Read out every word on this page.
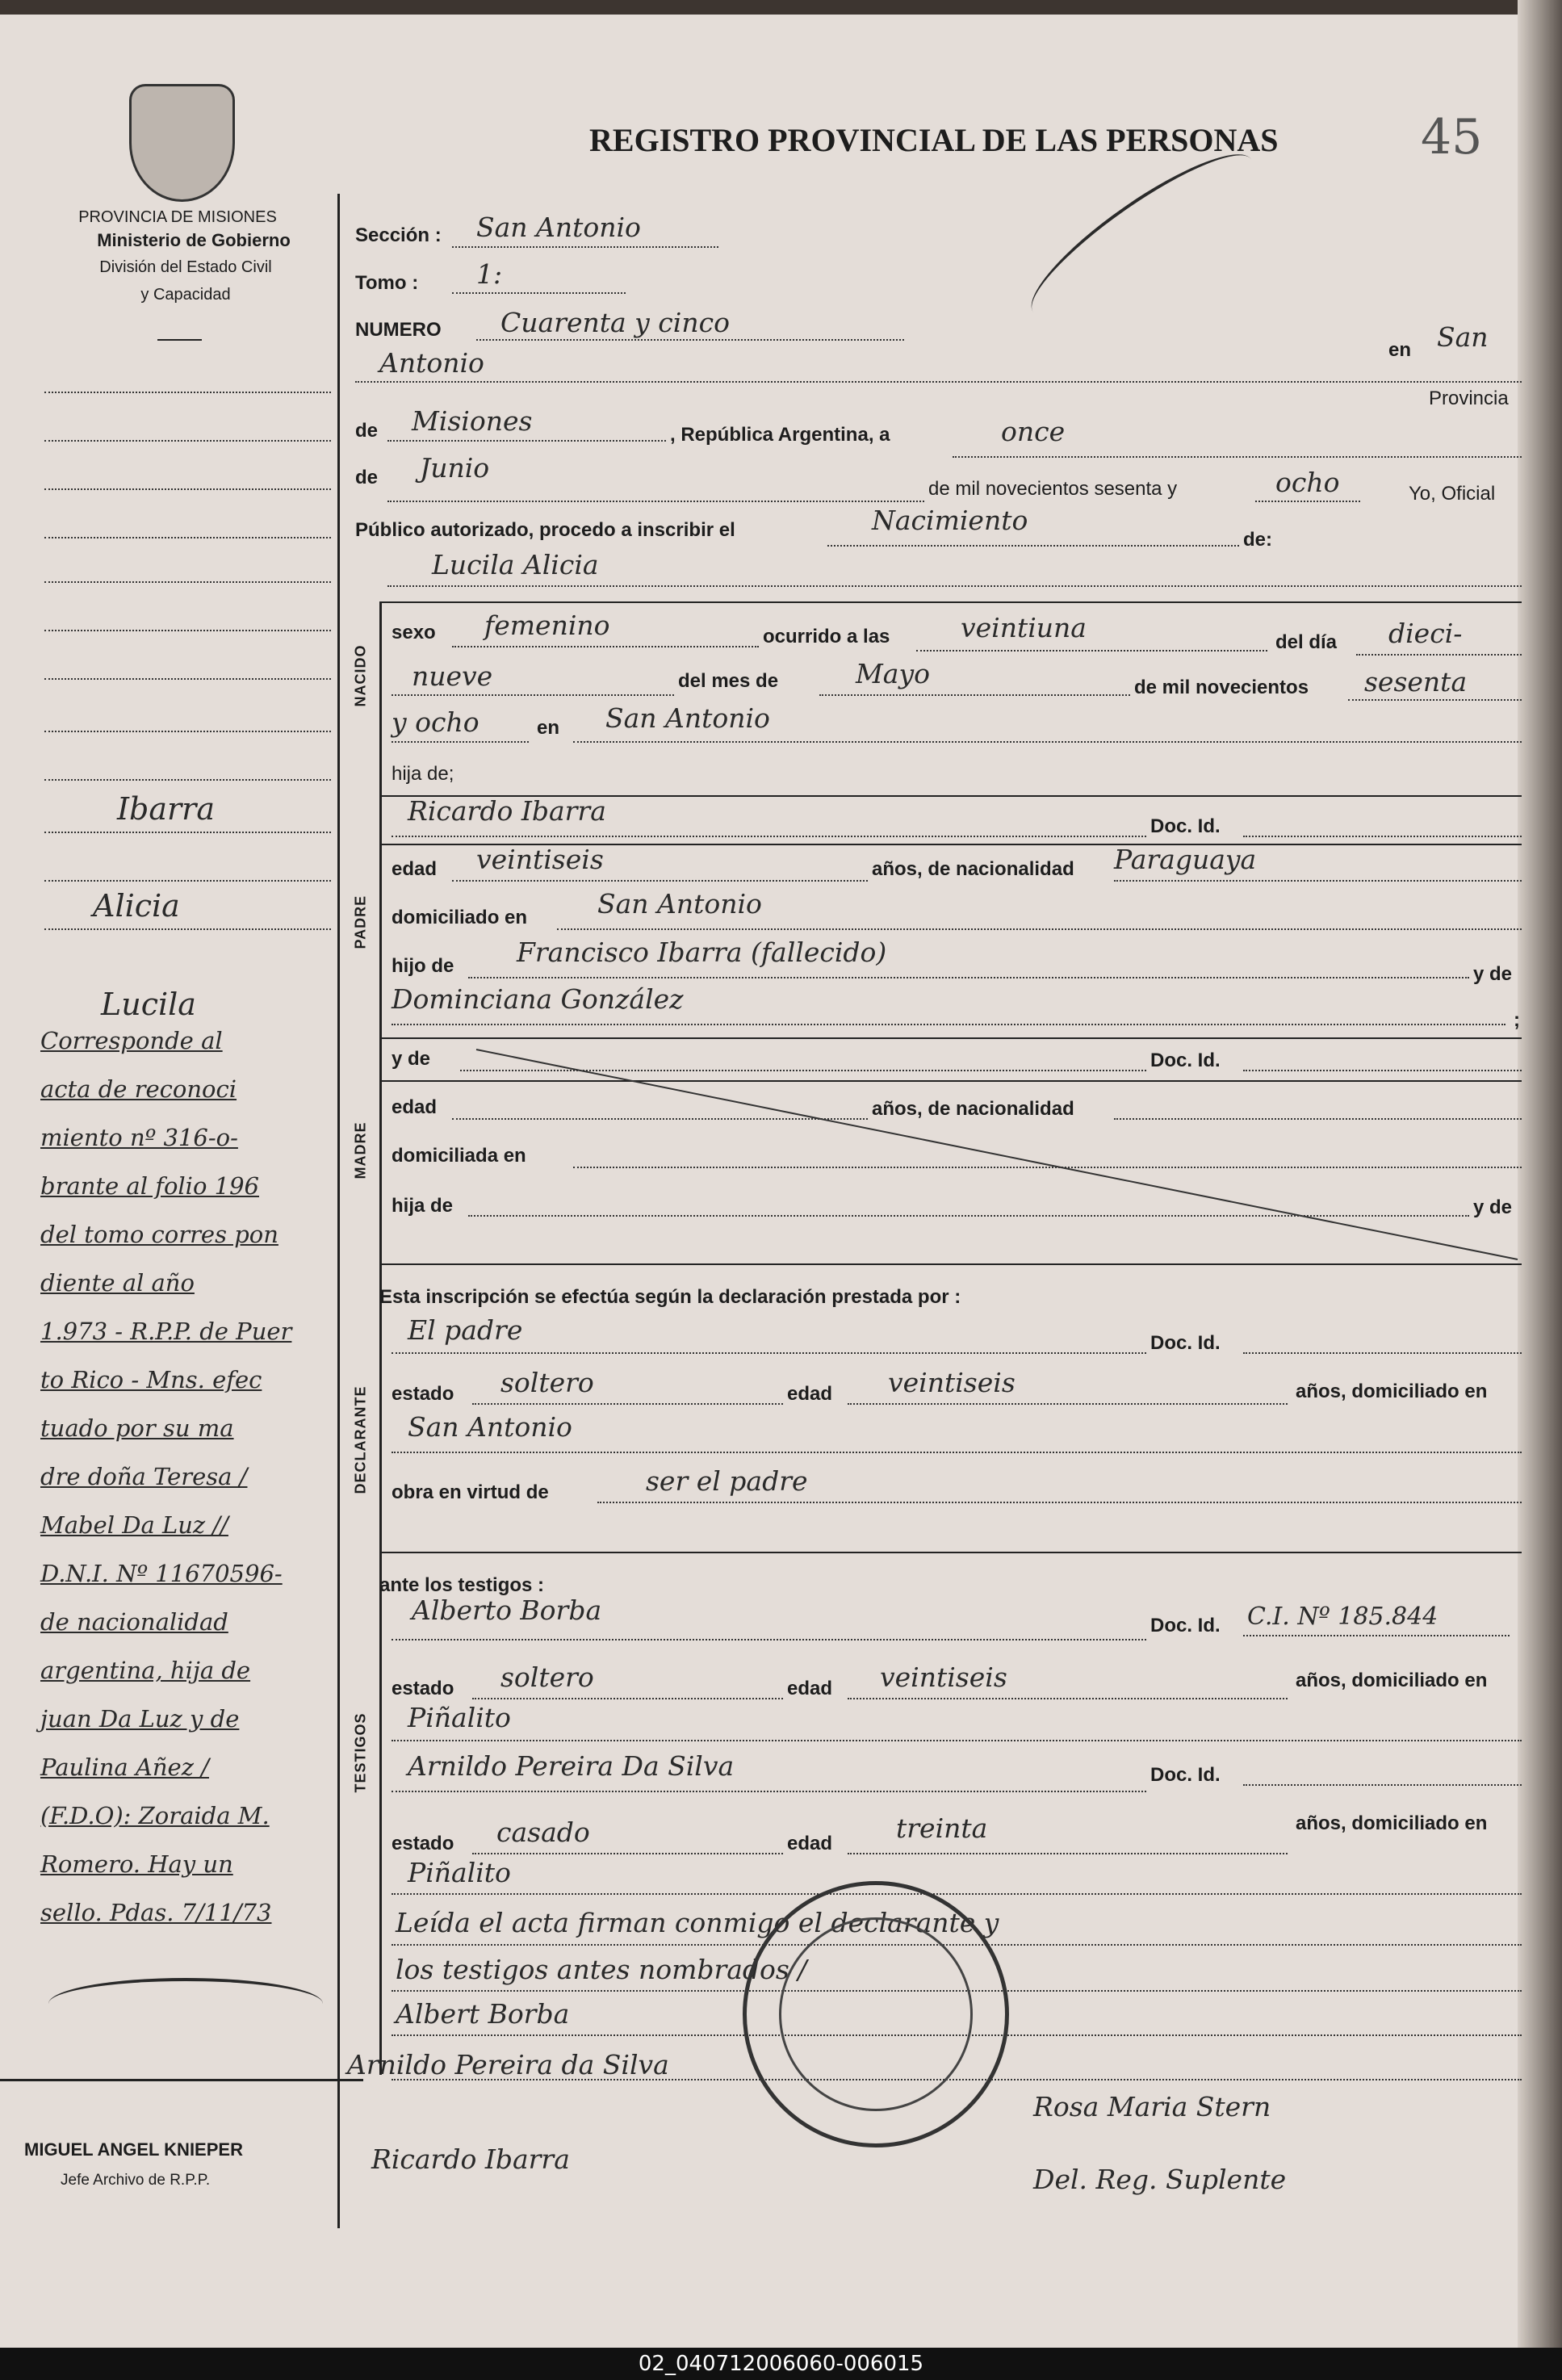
PROVINCIA DE MISIONES
Ministerio de Gobierno
División del Estado Civil
y Capacidad
Ibarra
Alicia
Lucila
Corresponde al
acta de reconoci
miento nº 316-o-
brante al folio 196
del tomo corres pon
diente al año
1.973 - R.P.P. de Puer
to Rico - Mns. efec
tuado por su ma
dre doña Teresa /
Mabel Da Luz //
D.N.I. Nº 11670596-
de nacionalidad
argentina, hija de
juan Da Luz y de
Paulina Añez /
(F.D.O): Zoraida M.
Romero. Hay un
sello. Pdas. 7/11/73
MIGUEL ANGEL KNIEPER
Jefe Archivo de R.P.P.
REGISTRO PROVINCIAL DE LAS PERSONAS	45
Sección : San Antonio
Tomo : 1:
NUMERO Cuarenta y cinco	San
en
Antonio
Provincia
de Misiones	, República Argentina, a	once
de Junio
de mil novecientos sesenta y	ocho	Yo, Oficial
Público autorizado, procedo a inscribir el	Nacimiento
de:
Lucila Alicia
NACIDO
PADRE
MADRE
DECLARANTE
TESTIGOS
sexo femenino	ocurrido a las	veintiuna	del día dieci-
nueve	del mes de	Mayo	de mil novecientos sesenta
y ocho	en San Antonio
hija de;
Ricardo Ibarra	Doc. Id.
edad veintiseis	años, de nacionalidad Paraguaya
domiciliado en	San Antonio
hijo de Francisco Ibarra (fallecido)
y de
Dominciana González
;
y de	Doc. Id.
edad	años, de nacionalidad
domiciliada en
hija de	y de
Esta inscripción se efectúa según la declaración prestada por :
El padre	Doc. Id.
estado soltero	edad veintiseis	años, domiciliado en
San Antonio
obra en virtud de	ser el padre
ante los testigos :
Alberto Borba	Doc. Id. C.I. Nº 185.844
estado soltero	edad veintiseis	años, domiciliado en
Piñalito
Arnildo Pereira Da Silva	Doc. Id.
estado casado	edad treinta	años, domiciliado en
Piñalito
Leída el acta firman conmigo el declarante y
los testigos antes nombrados /
Albert Borba
Arnildo Pereira da Silva
Ricardo Ibarra
Rosa Maria Stern
Del. Reg. Suplente
02_040712006060-006015
